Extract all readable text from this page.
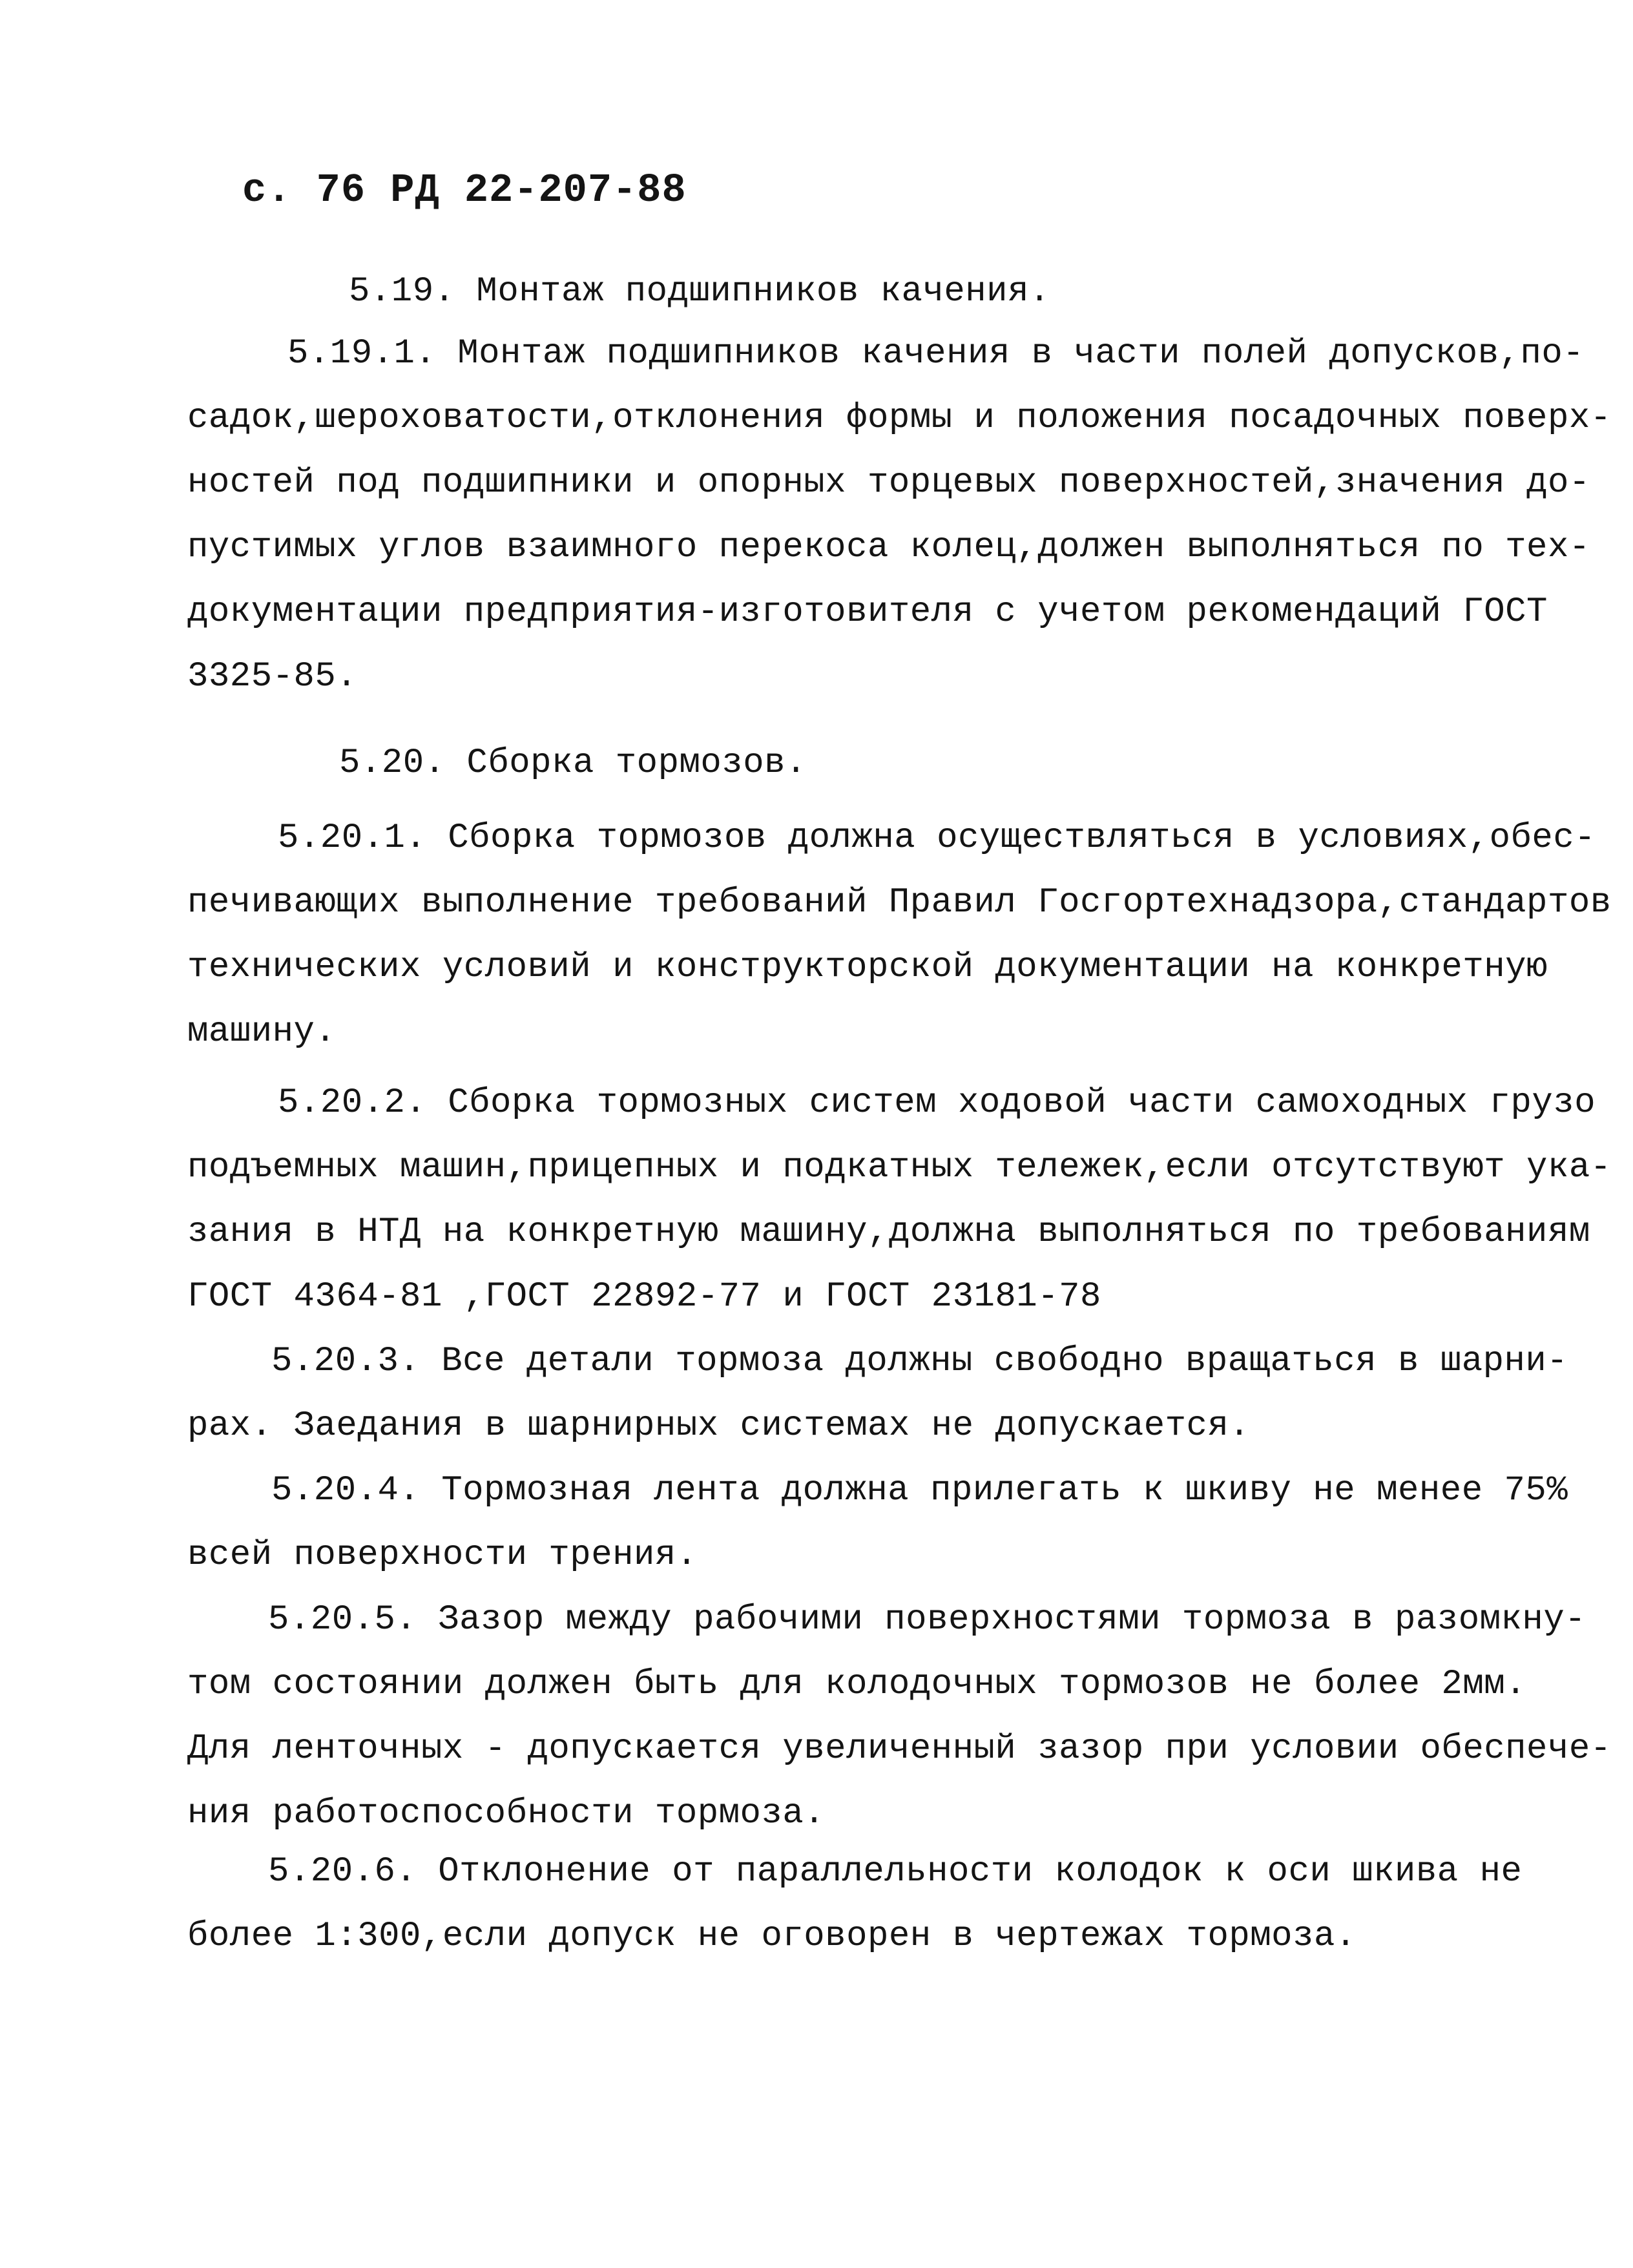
с. 76 РД 22-207-88
5.19. Монтаж подшипников качения.
5.19.1. Монтаж подшипников качения в части полей допусков,по-
садок,шероховатости,отклонения формы и положения посадочных поверх-
ностей под подшипники и опорных торцевых поверхностей,значения до-
пустимых углов взаимного перекоса колец,должен выполняться по тех-
документации предприятия-изготовителя с учетом рекомендаций ГОСТ
3325-85.
5.20. Сборка тормозов.
5.20.1. Сборка тормозов должна осуществляться в условиях,обес-
печивающих выполнение требований Правил Госгортехнадзора,стандартов
технических условий и конструкторской документации на конкретную
машину.
5.20.2. Сборка тормозных систем ходовой части самоходных грузо
подъемных машин,прицепных и подкатных тележек,если отсутствуют ука-
зания в НТД на конкретную машину,должна выполняться по требованиям
ГОСТ 4364-81 ,ГОСТ 22892-77 и ГОСТ 23181-78
5.20.3. Все детали тормоза должны свободно вращаться в шарни-
рах. Заедания в шарнирных системах не допускается.
5.20.4. Тормозная лента должна прилегать к шкиву не менее 75%
всей поверхности трения.
5.20.5. Зазор между рабочими поверхностями тормоза в разомкну-
том состоянии должен быть для колодочных тормозов не более 2мм.
Для ленточных - допускается увеличенный зазор при условии обеспече-
ния работоспособности тормоза.
5.20.6. Отклонение от параллельности колодок к оси шкива не
более 1:300,если допуск не оговорен в чертежах тормоза.
